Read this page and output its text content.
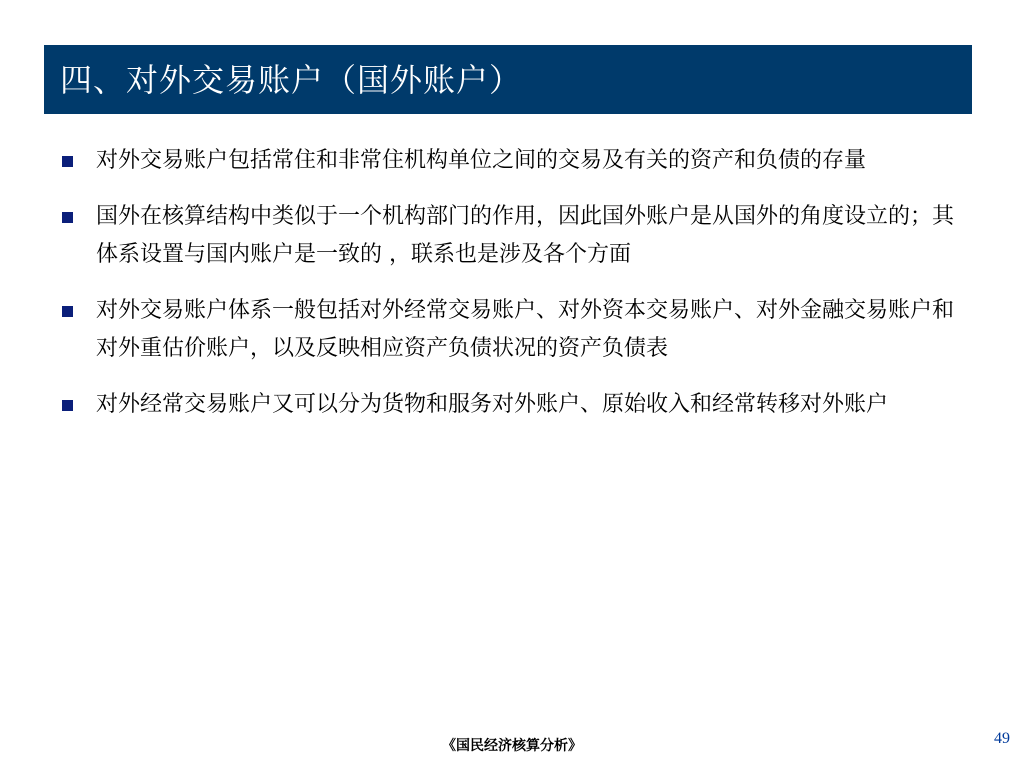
四、对外交易账户（国外账户）
对外交易账户包括常住和非常住机构单位之间的交易及有关的资产和负债的存量
国外在核算结构中类似于一个机构部门的作用，因此国外账户是从国外的角度设立的；其体系设置与国内账户是一致的 ，联系也是涉及各个方面
对外交易账户体系一般包括对外经常交易账户、对外资本交易账户、对外金融交易账户和对外重估价账户，以及反映相应资产负债状况的资产负债表
对外经常交易账户又可以分为货物和服务对外账户、原始收入和经常转移对外账户
《国民经济核算分析》	49
